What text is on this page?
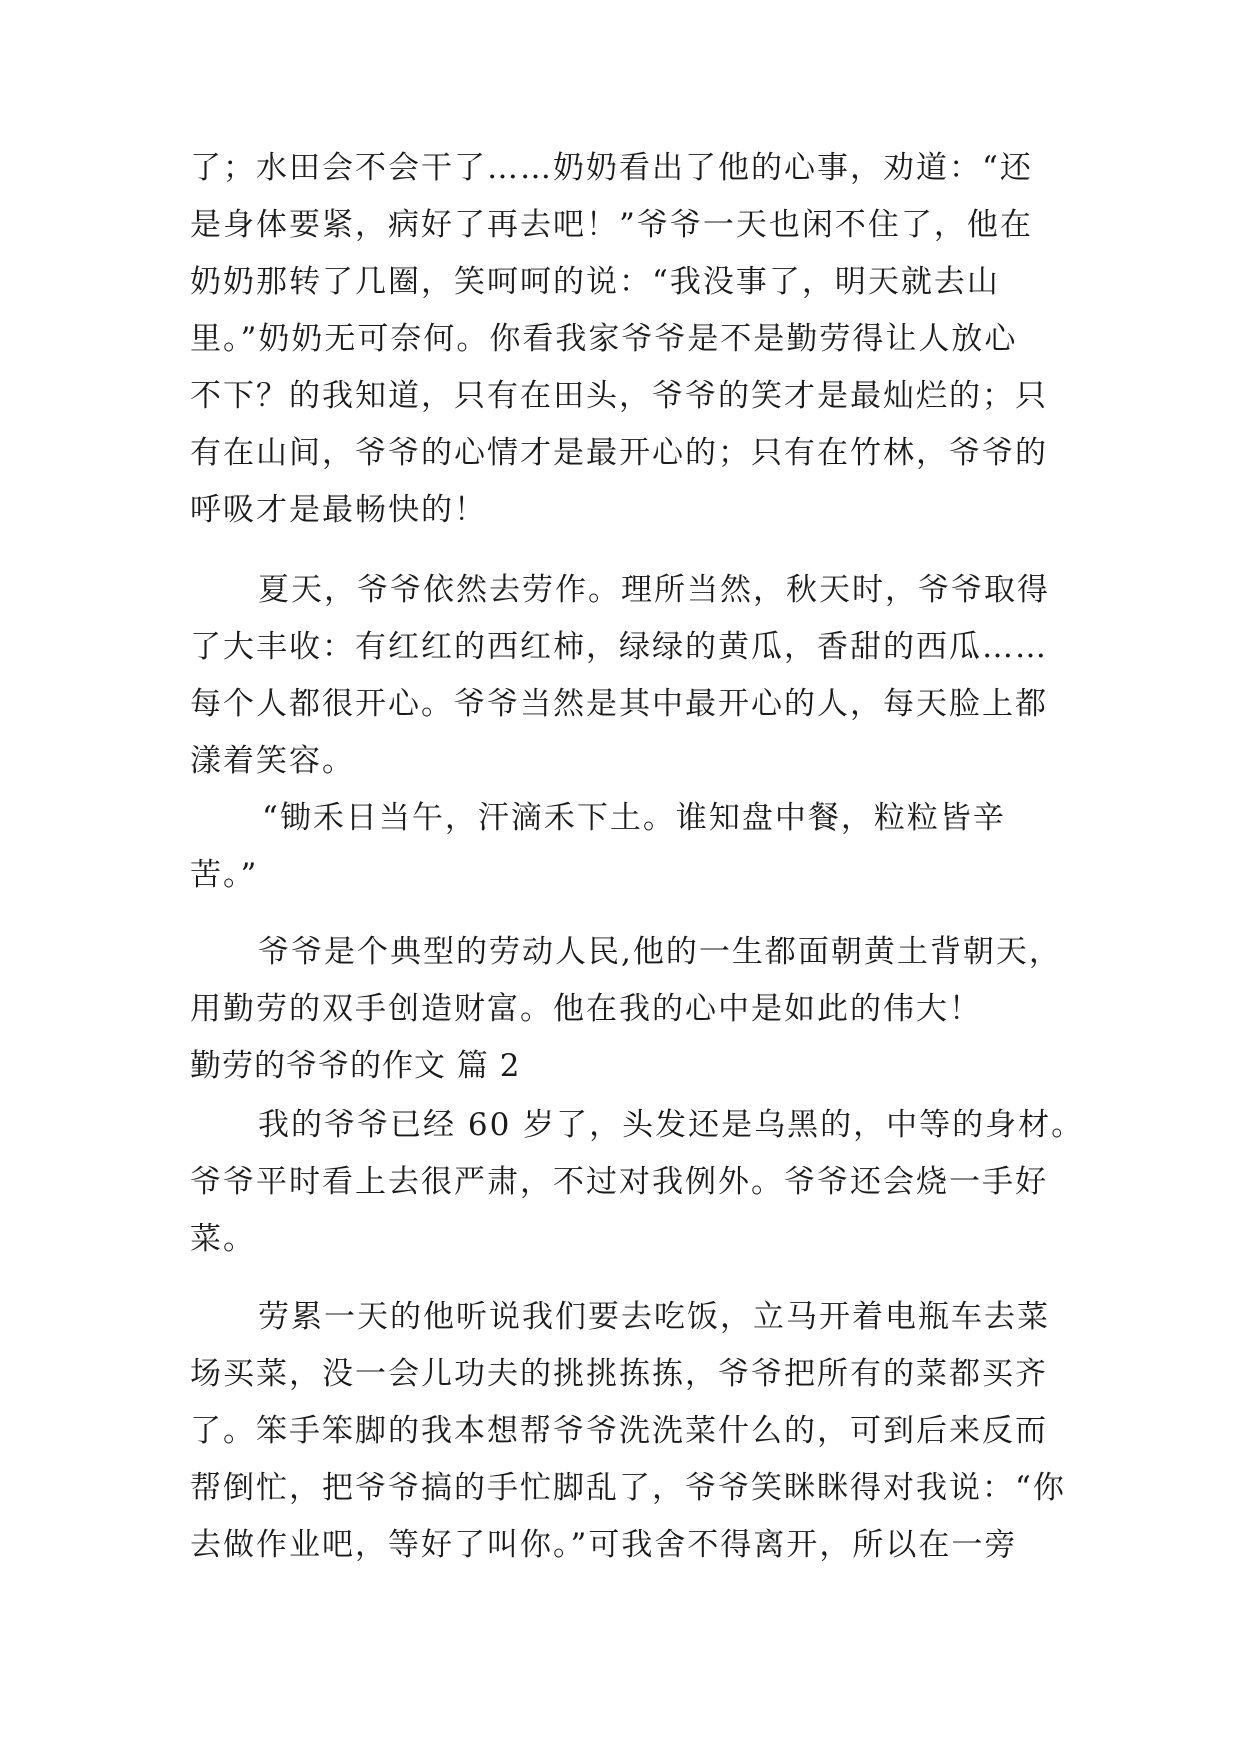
了；水田会不会干了……奶奶看出了他的心事，劝道：“还
是身体要紧，病好了再去吧！”爷爷一天也闲不住了，他在
奶奶那转了几圈，笑呵呵的说：“我没事了，明天就去山
里。”奶奶无可奈何。你看我家爷爷是不是勤劳得让人放心
不下？的我知道，只有在田头，爷爷的笑才是最灿烂的；只
有在山间，爷爷的心情才是最开心的；只有在竹林，爷爷的
呼吸才是最畅快的！
夏天，爷爷依然去劳作。理所当然，秋天时，爷爷取得
了大丰收：有红红的西红柿，绿绿的黄瓜，香甜的西瓜……
每个人都很开心。爷爷当然是其中最开心的人，每天脸上都
漾着笑容。
“锄禾日当午，汗滴禾下土。谁知盘中餐，粒粒皆辛
苦。”
爷爷是个典型的劳动人民,他的一生都面朝黄土背朝天，
用勤劳的双手创造财富。他在我的心中是如此的伟大！
勤劳的爷爷的作文 篇 2
我的爷爷已经 60 岁了，头发还是乌黑的，中等的身材。
爷爷平时看上去很严肃，不过对我例外。爷爷还会烧一手好
菜。
劳累一天的他听说我们要去吃饭，立马开着电瓶车去菜
场买菜，没一会儿功夫的挑挑拣拣，爷爷把所有的菜都买齐
了。笨手笨脚的我本想帮爷爷洗洗菜什么的，可到后来反而
帮倒忙，把爷爷搞的手忙脚乱了，爷爷笑眯眯得对我说：“你
去做作业吧，等好了叫你。”可我舍不得离开，所以在一旁
